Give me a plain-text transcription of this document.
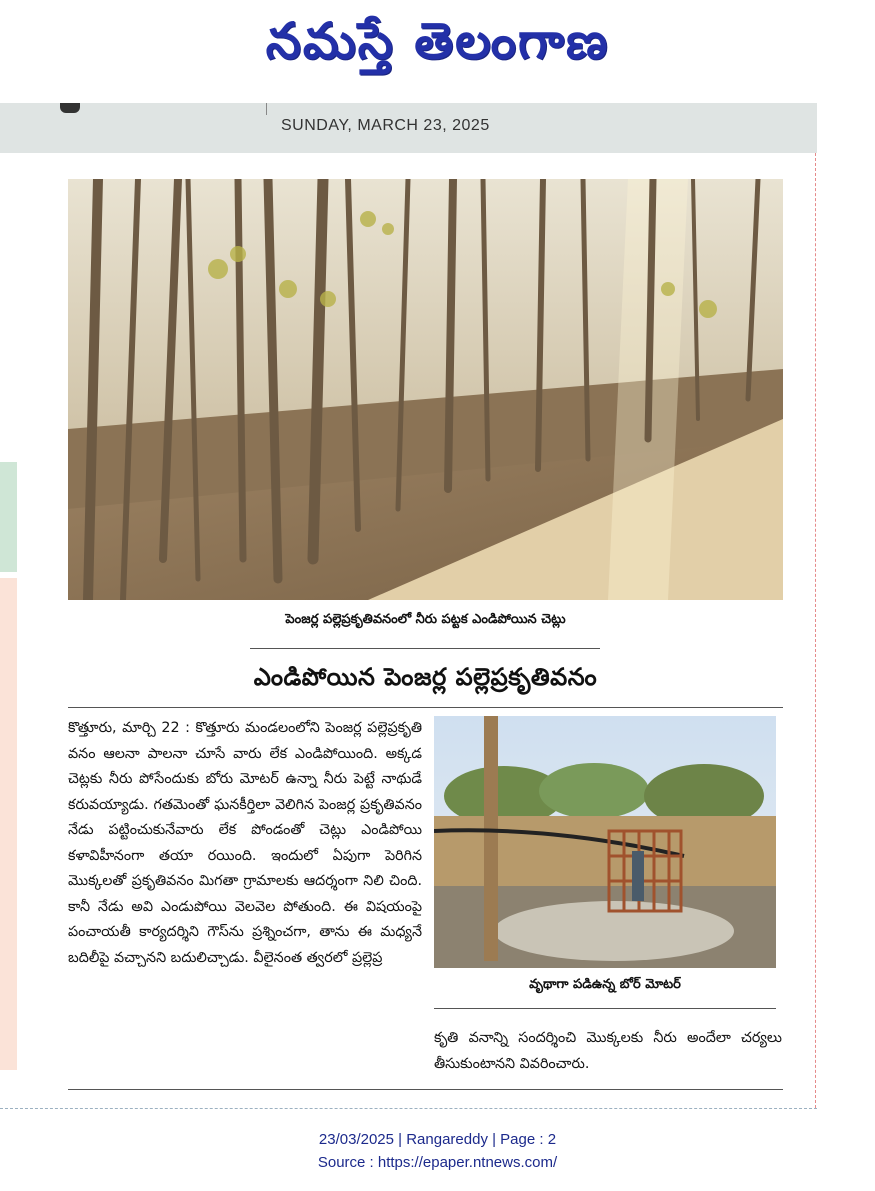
నమస్తే తెలంగాణ
SUNDAY, MARCH 23, 2025
పెంజర్ల పల్లెప్రకృతివనంలో నీరు పట్టక ఎండిపోయిన చెట్లు
ఎండిపోయిన పెంజర్ల పల్లెప్రకృతివనం

కొత్తూరు, మార్చి 22 : కొత్తూరు మండలంలోని పెంజర్ల పల్లెప్రకృతి వనం ఆలనా పాలనా చూసే వారు లేక ఎండిపోయింది. అక్కడ చెట్లకు నీరు పోసేందుకు బోరు మోటర్ ఉన్నా నీరు పెట్టే నాథుడే కరువయ్యాడు. గతమెంతో ఘనకీర్తిలా వెలిగిన పెంజర్ల ప్రకృతివనం నేడు పట్టించుకునేవారు లేక పోండంతో చెట్లు ఎండిపోయి కళావిహీనంగా తయా రయింది. ఇందులో ఏపుగా పెరిగిన మొక్కలతో ప్రకృతివనం మిగతా గ్రామాలకు ఆదర్శంగా నిలి చింది. కానీ నేడు అవి ఎండుపోయి వెలవెల పోతుంది. ఈ విషయంపై పంచాయతీ కార్యదర్శిని గౌస్‌ను ప్రశ్నించగా, తాను ఈ మధ్యనే బదిలీపై వచ్చానని బదులిచ్చాడు. వీలైనంత త్వరలో ప్రల్లెప్ర

వృథాగా పడిఉన్న బోర్ మోటర్

కృతి వనాన్ని సందర్శించి మొక్కలకు నీరు అందేలా చర్యలు తీసుకుంటానని వివరించారు.

23/03/2025 | Rangareddy | Page : 2
Source : https://epaper.ntnews.com/
